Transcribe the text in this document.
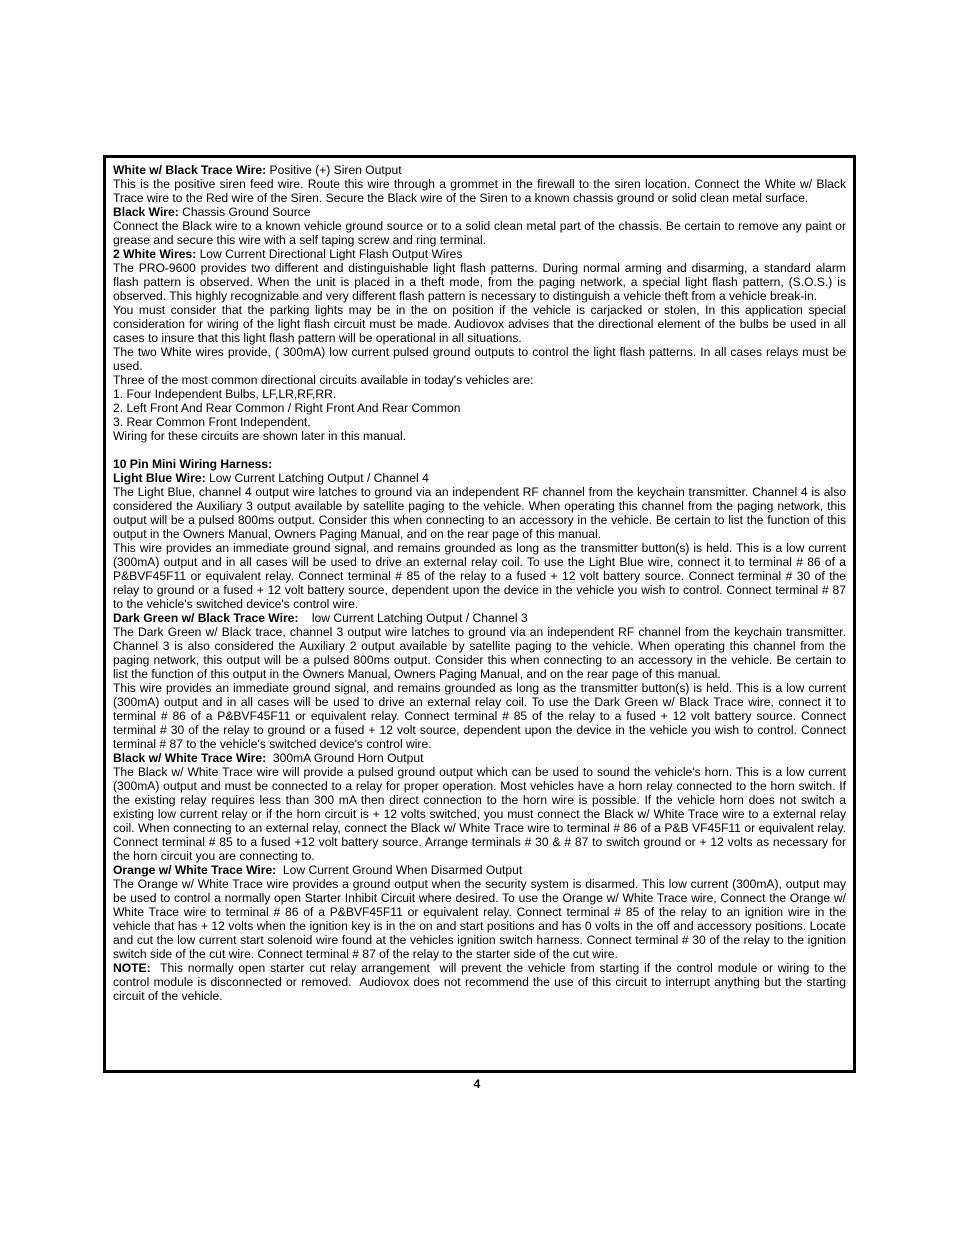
White w/ Black Trace Wire: Positive (+) Siren Output

This is the positive siren feed wire. Route this wire through a grommet in the firewall to the siren location. Connect the White w/ Black Trace wire to the Red wire of the Siren. Secure the Black wire of the Siren to a known chassis ground or solid clean metal surface.

Black Wire: Chassis Ground Source

Connect the Black wire to a known vehicle ground source or to a solid clean metal part of the chassis. Be certain to remove any paint or grease and secure this wire with a self taping screw and ring terminal.

2 White Wires: Low Current Directional Light Flash Output Wires

The PRO-9600 provides two different and distinguishable light flash patterns. During normal arming and disarming, a standard alarm flash pattern is observed. When the unit is placed in a theft mode, from the paging network, a special light flash pattern, (S.O.S.) is observed. This highly recognizable and very different flash pattern is necessary to distinguish a vehicle theft from a vehicle break-in.

You must consider that the parking lights may be in the on position if the vehicle is carjacked or stolen, In this application special consideration for wiring of the light flash circuit must be made. Audiovox advises that the directional element of the bulbs be used in all cases to insure that this light flash pattern will be operational in all situations.

The two White wires provide, ( 300mA) low current pulsed ground outputs to control the light flash patterns. In all cases relays must be used.

Three of the most common directional circuits available in today's vehicles are:

1. Four Independent Bulbs, LF,LR,RF,RR.

2. Left Front And Rear Common / Right Front And Rear Common

3. Rear Common Front Independent.

Wiring for these circuits are shown later in this manual.

10 Pin Mini Wiring Harness:

Light Blue Wire: Low Current Latching Output / Channel 4

The Light Blue, channel 4 output wire latches to ground via an independent RF channel from the keychain transmitter. Channel 4 is also considered the Auxiliary 3 output available by satellite paging to the vehicle. When operating this channel from the paging network, this output will be a pulsed 800ms output. Consider this when connecting to an accessory in the vehicle. Be certain to list the function of this output in the Owners Manual, Owners Paging Manual, and on the rear page of this manual.

This wire provides an immediate ground signal, and remains grounded as long as the transmitter button(s) is held. This is a low current (300mA) output and in all cases will be used to drive an external relay coil. To use the Light Blue wire, connect it to terminal # 86 of a P&BVF45F11 or equivalent relay. Connect terminal # 85 of the relay to a fused + 12 volt battery source. Connect terminal # 30 of the relay to ground or a fused + 12 volt battery source, dependent upon the device in the vehicle you wish to control. Connect terminal # 87 to the vehicle's switched device's control wire.

Dark Green w/ Black Trace Wire:    low Current Latching Output / Channel 3

The Dark Green w/ Black trace, channel 3 output wire latches to ground via an independent RF channel from the keychain transmitter. Channel 3 is also considered the Auxiliary 2 output available by satellite paging to the vehicle. When operating this channel from the paging network, this output will be a pulsed 800ms output. Consider this when connecting to an accessory in the vehicle. Be certain to list the function of this output in the Owners Manual, Owners Paging Manual, and on the rear page of this manual.

This wire provides an immediate ground signal, and remains grounded as long as the transmitter button(s) is held. This is a low current (300mA) output and in all cases will be used to drive an external relay coil. To use the Dark Green w/ Black Trace wire, connect it to terminal # 86 of a P&BVF45F11 or equivalent relay. Connect terminal # 85 of the relay to a fused + 12 volt battery source. Connect terminal # 30 of the relay to ground or a fused + 12 volt source, dependent upon the device in the vehicle you wish to control. Connect terminal # 87 to the vehicle's switched device's control wire.

Black w/ White Trace Wire:  300mA Ground Horn Output

The Black w/ White Trace wire will provide a pulsed ground output which can be used to sound the vehicle's horn. This is a low current (300mA) output and must be connected to a relay for proper operation. Most vehicles have a horn relay connected to the horn switch. If the existing relay requires less than 300 mA then direct connection to the horn wire is possible. If the vehicle horn does not switch a existing low current relay or if the horn circuit is + 12 volts switched, you must connect the Black w/ White Trace wire to a external relay coil. When connecting to an external relay, connect the Black w/ White Trace wire to terminal # 86 of a P&B VF45F11 or equivalent relay. Connect terminal # 85 to a fused +12 volt battery source. Arrange terminals # 30 & # 87 to switch ground or + 12 volts as necessary for the horn circuit you are connecting to.

Orange w/ White Trace Wire:  Low Current Ground When Disarmed Output

The Orange w/ White Trace wire provides a ground output when the security system is disarmed. This low current (300mA), output may be used to control a normally open Starter Inhibit Circuit where desired. To use the Orange w/ White Trace wire, Connect the Orange w/ White Trace wire to terminal # 86 of a P&BVF45F11 or equivalent relay. Connect terminal # 85 of the relay to an ignition wire in the vehicle that has + 12 volts when the ignition key is in the on and start positions and has 0 volts in the off and accessory positions. Locate and cut the low current start solenoid wire found at the vehicles ignition switch harness. Connect terminal # 30 of the relay to the ignition switch side of the cut wire. Connect terminal # 87 of the relay to the starter side of the cut wire.

NOTE:  This normally open starter cut relay arrangement  will prevent the vehicle from starting if the control module or wiring to the control module is disconnected or removed.  Audiovox does not recommend the use of this circuit to interrupt anything but the starting circuit of the vehicle.

4
